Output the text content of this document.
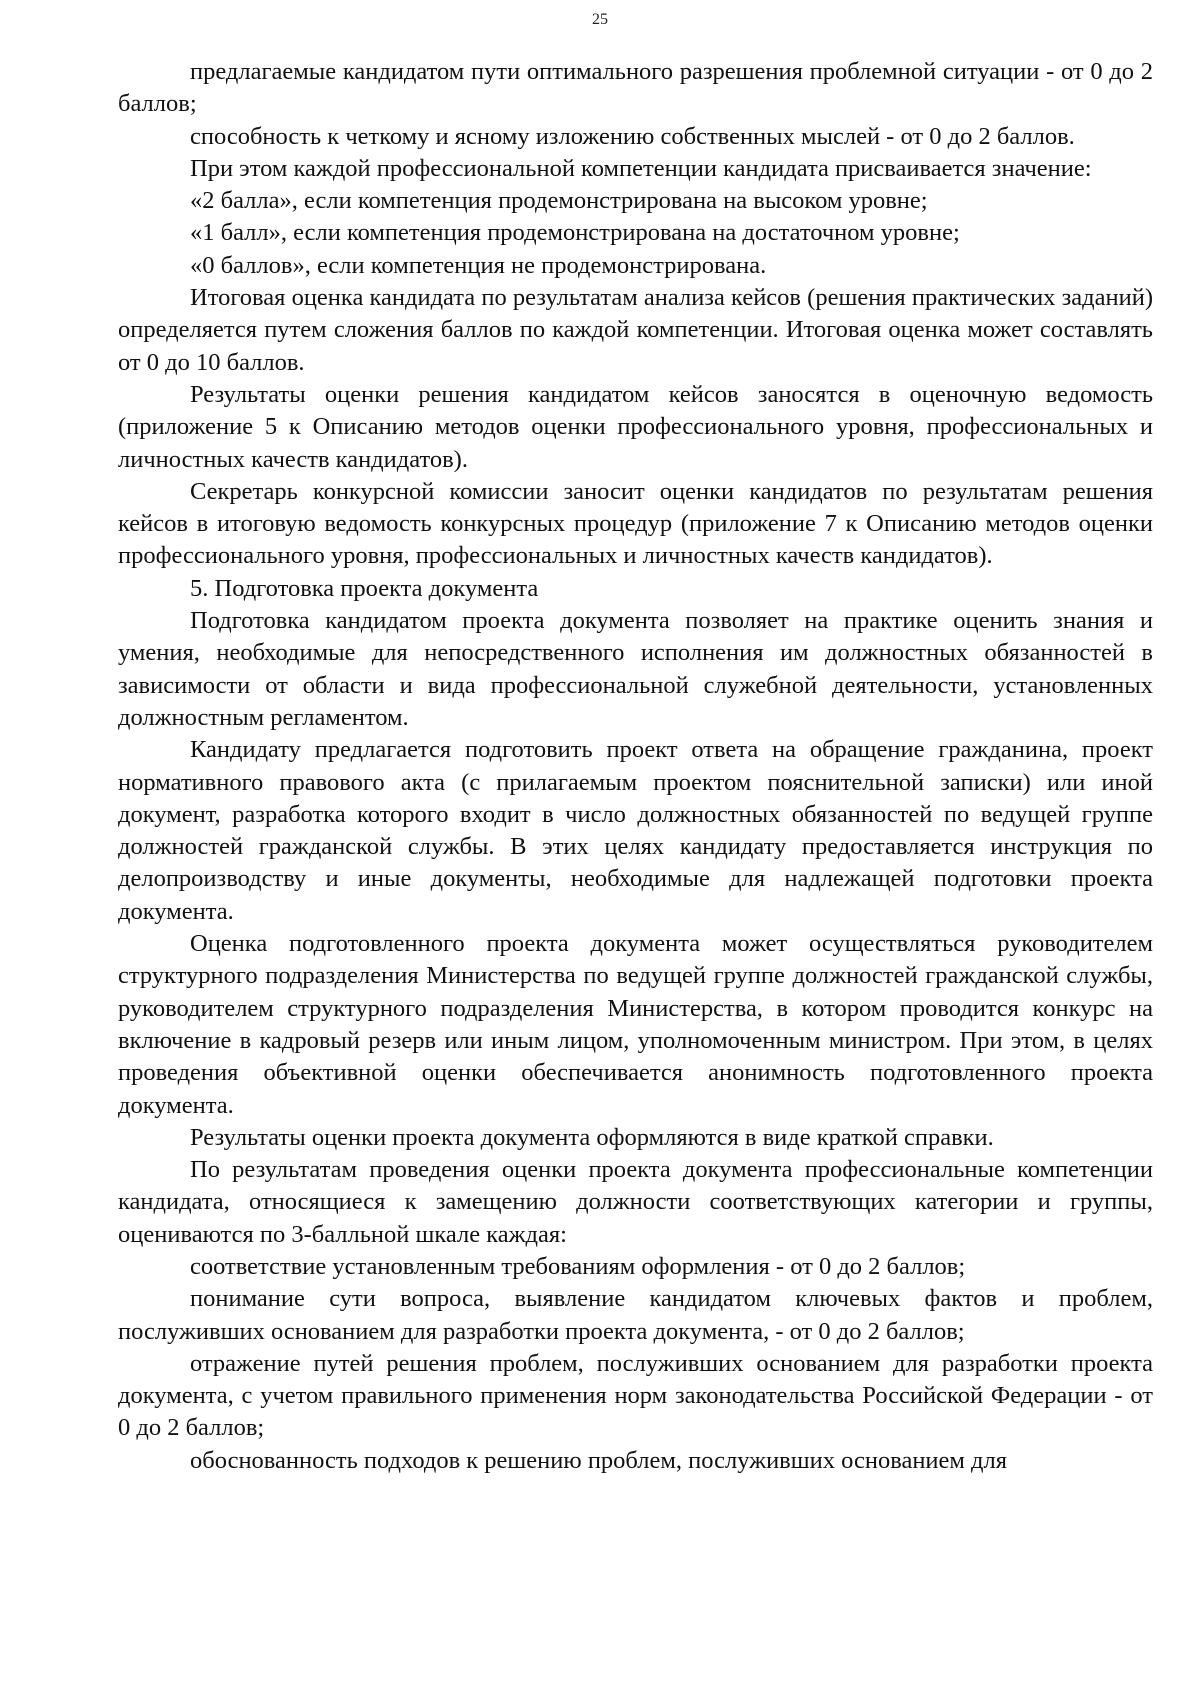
25

предлагаемые кандидатом пути оптимального разрешения проблемной ситуации - от 0 до 2 баллов;

способность к четкому и ясному изложению собственных мыслей - от 0 до 2 баллов.

При этом каждой профессиональной компетенции кандидата присваивается значение:

«2 балла», если компетенция продемонстрирована на высоком уровне;

«1 балл», если компетенция продемонстрирована на достаточном уровне;

«0 баллов», если компетенция не продемонстрирована.

Итоговая оценка кандидата по результатам анализа кейсов (решения практических заданий) определяется путем сложения баллов по каждой компетенции. Итоговая оценка может составлять от 0 до 10 баллов.

Результаты оценки решения кандидатом кейсов заносятся в оценочную ведомость (приложение 5 к Описанию методов оценки профессионального уровня, профессиональных и личностных качеств кандидатов).

Секретарь конкурсной комиссии заносит оценки кандидатов по результатам решения кейсов в итоговую ведомость конкурсных процедур (приложение 7 к Описанию методов оценки профессионального уровня, профессиональных и личностных качеств кандидатов).

5. Подготовка проекта документа

Подготовка кандидатом проекта документа позволяет на практике оценить знания и умения, необходимые для непосредственного исполнения им должностных обязанностей в зависимости от области и вида профессиональной служебной деятельности, установленных должностным регламентом.

Кандидату предлагается подготовить проект ответа на обращение гражданина, проект нормативного правового акта (с прилагаемым проектом пояснительной записки) или иной документ, разработка которого входит в число должностных обязанностей по ведущей группе должностей гражданской службы. В этих целях кандидату предоставляется инструкция по делопроизводству и иные документы, необходимые для надлежащей подготовки проекта документа.

Оценка подготовленного проекта документа может осуществляться руководителем структурного подразделения Министерства по ведущей группе должностей гражданской службы, руководителем структурного подразделения Министерства, в котором проводится конкурс на включение в кадровый резерв или иным лицом, уполномоченным министром. При этом, в целях проведения объективной оценки обеспечивается анонимность подготовленного проекта документа.

Результаты оценки проекта документа оформляются в виде краткой справки.

По результатам проведения оценки проекта документа профессиональные компетенции кандидата, относящиеся к замещению должности соответствующих категории и группы, оцениваются по 3-балльной шкале каждая:

соответствие установленным требованиям оформления - от 0 до 2 баллов;

понимание сути вопроса, выявление кандидатом ключевых фактов и проблем, послуживших основанием для разработки проекта документа, - от 0 до 2 баллов;

отражение путей решения проблем, послуживших основанием для разработки проекта документа, с учетом правильного применения норм законодательства Российской Федерации - от 0 до 2 баллов;

обоснованность подходов к решению проблем, послуживших основанием для
